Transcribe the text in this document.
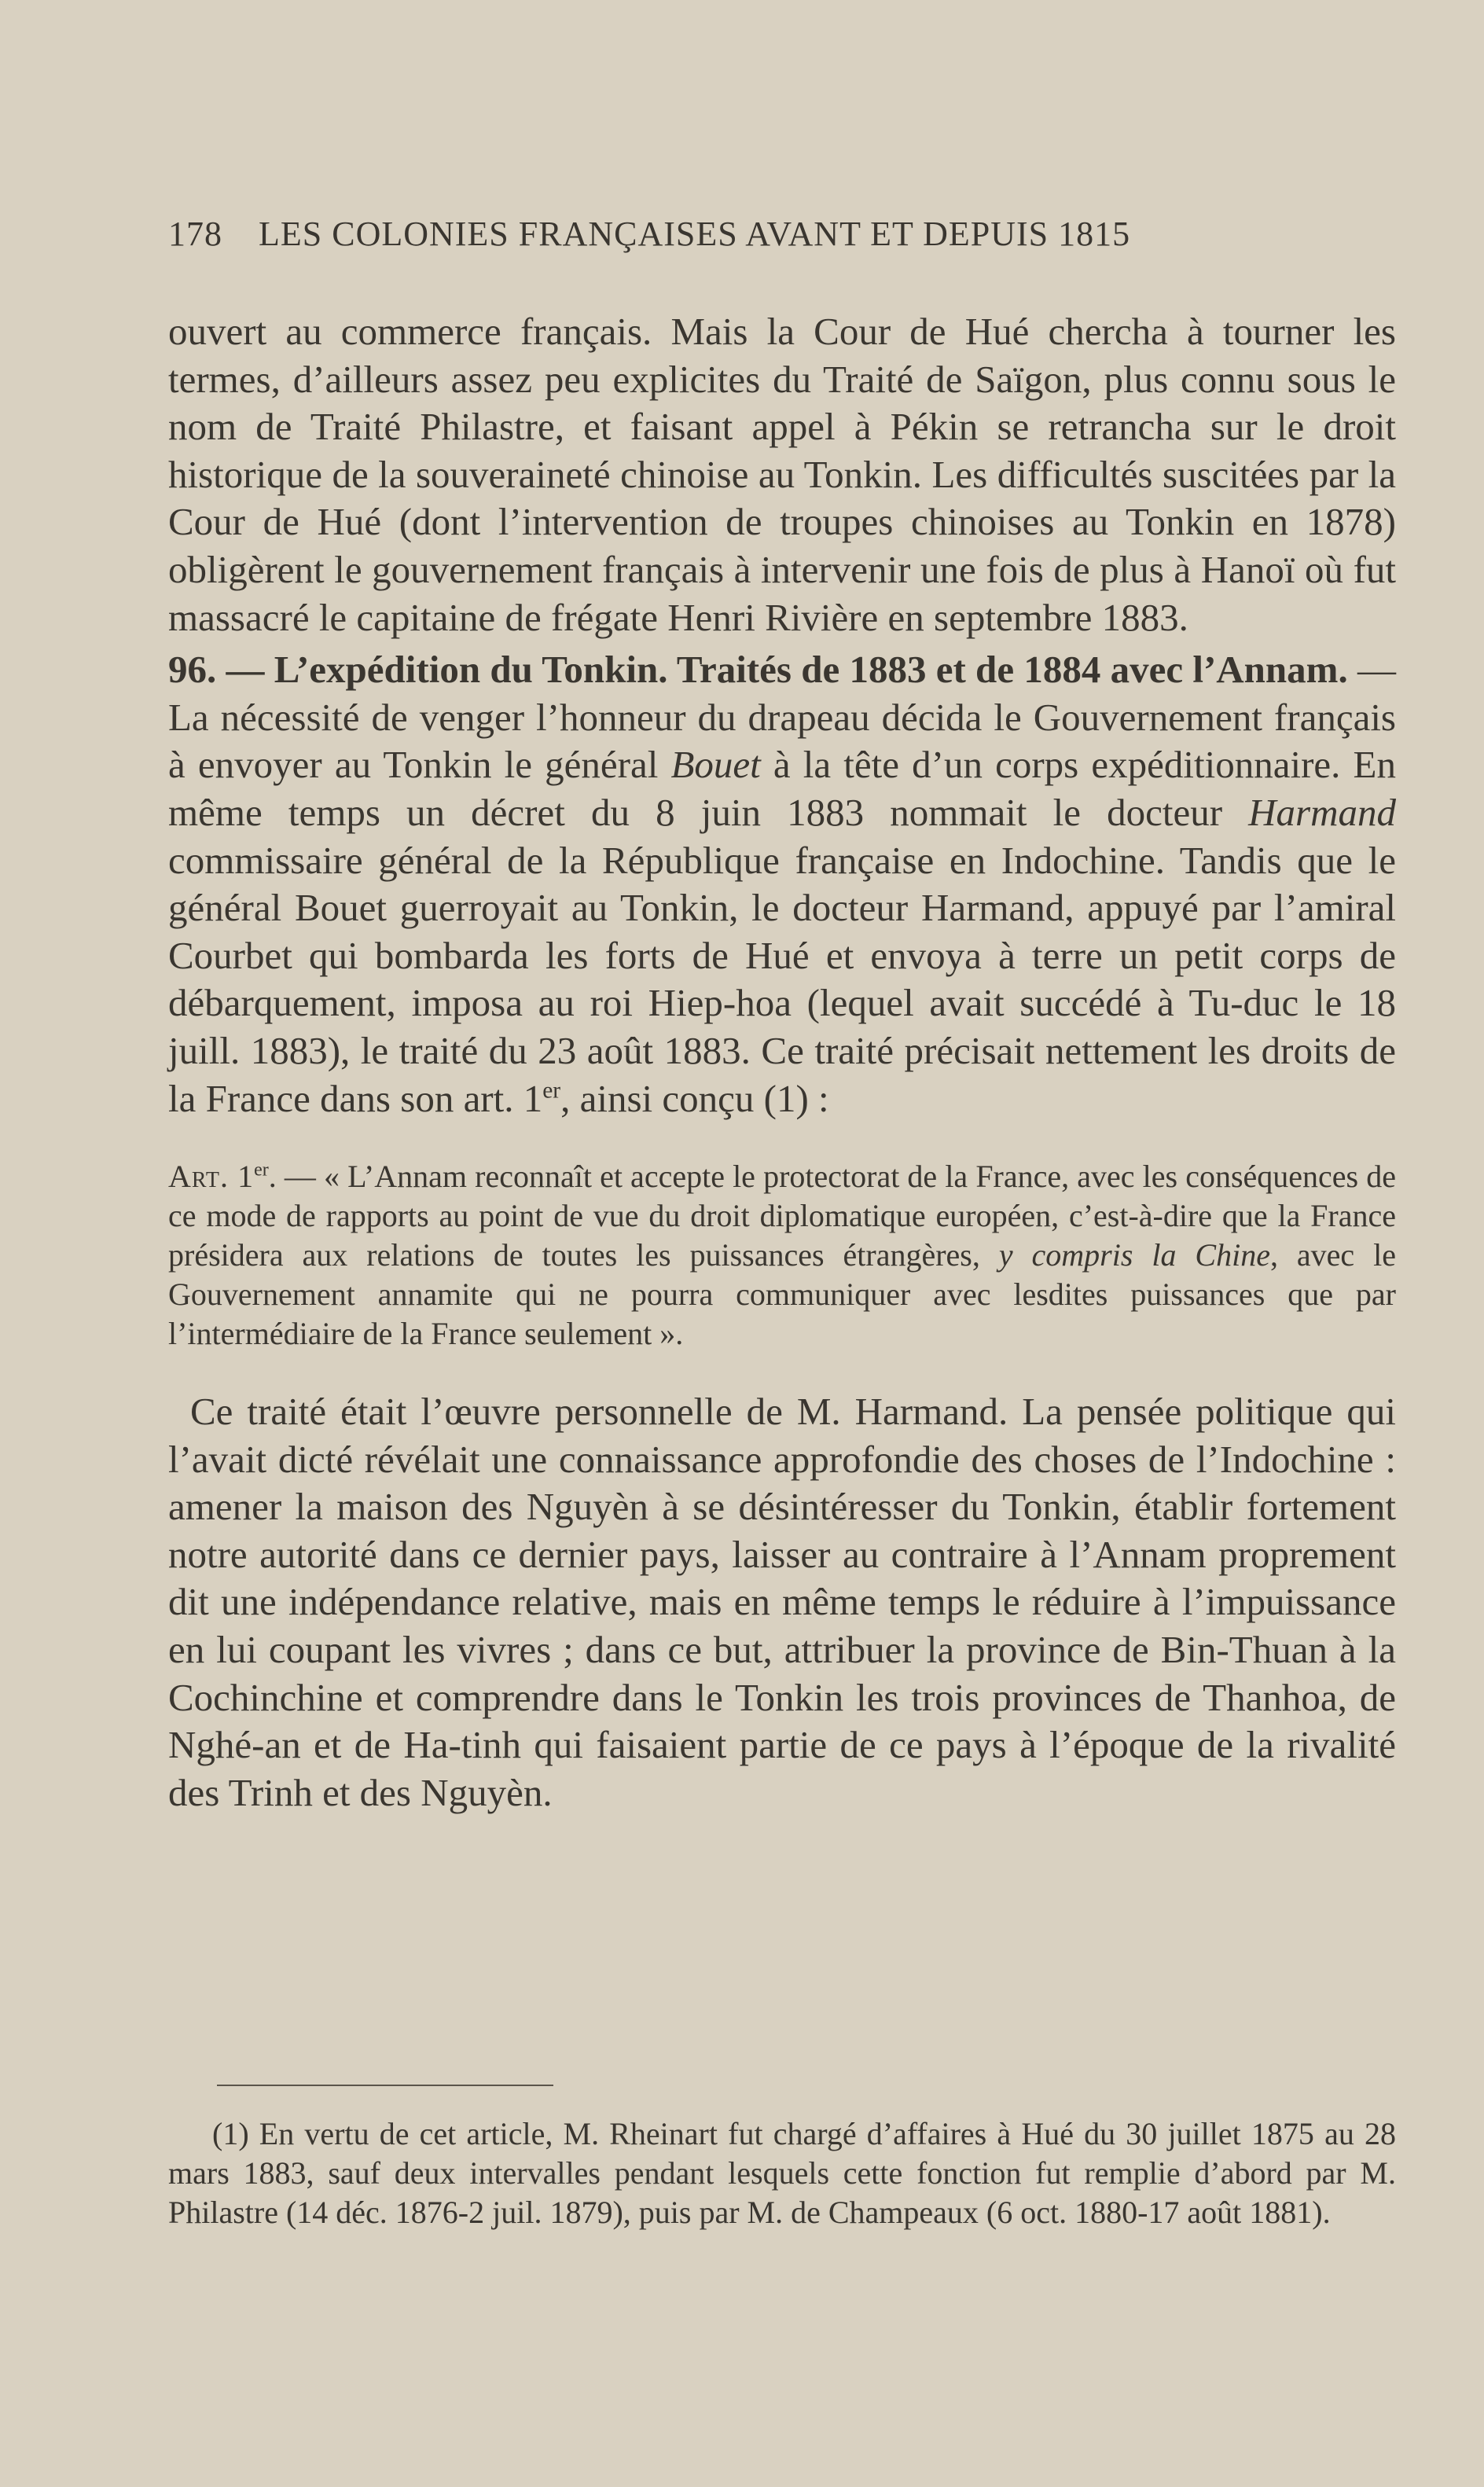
178 LES COLONIES FRANÇAISES AVANT ET DEPUIS 1815

ouvert au commerce français. Mais la Cour de Hué chercha à tourner les termes, d’ailleurs assez peu explicites du Traité de Saïgon, plus connu sous le nom de Traité Philastre, et faisant appel à Pékin se retrancha sur le droit historique de la souveraineté chinoise au Tonkin. Les difficultés suscitées par la Cour de Hué (dont l’intervention de troupes chinoises au Tonkin en 1878) obligèrent le gouvernement français à intervenir une fois de plus à Hanoï où fut massacré le capitaine de frégate Henri Rivière en septembre 1883.

96. — L’expédition du Tonkin. Traités de 1883 et de 1884 avec l’Annam. — La nécessité de venger l’honneur du drapeau décida le Gouvernement français à envoyer au Tonkin le général Bouet à la tête d’un corps expéditionnaire. En même temps un décret du 8 juin 1883 nommait le docteur Harmand commissaire général de la République française en Indochine. Tandis que le général Bouet guerroyait au Tonkin, le docteur Harmand, appuyé par l’amiral Courbet qui bombarda les forts de Hué et envoya à terre un petit corps de débarquement, imposa au roi Hiep-hoa (lequel avait succédé à Tu-duc le 18 juill. 1883), le traité du 23 août 1883. Ce traité précisait nettement les droits de la France dans son art. 1er, ainsi conçu (1) :

Art. 1er. — « L’Annam reconnaît et accepte le protectorat de la France, avec les conséquences de ce mode de rapports au point de vue du droit diplomatique européen, c’est-à-dire que la France présidera aux relations de toutes les puissances étrangères, y compris la Chine, avec le Gouvernement annamite qui ne pourra communiquer avec lesdites puissances que par l’intermédiaire de la France seulement ».

Ce traité était l’œuvre personnelle de M. Harmand. La pensée politique qui l’avait dicté révélait une connaissance approfondie des choses de l’Indochine : amener la maison des Nguyèn à se désintéresser du Tonkin, établir fortement notre autorité dans ce dernier pays, laisser au contraire à l’Annam proprement dit une indépendance relative, mais en même temps le réduire à l’impuissance en lui coupant les vivres ; dans ce but, attribuer la province de Bin-Thuan à la Cochinchine et comprendre dans le Tonkin les trois provinces de Thanhoa, de Nghé-an et de Ha-tinh qui faisaient partie de ce pays à l’époque de la rivalité des Trinh et des Nguyèn.

(1) En vertu de cet article, M. Rheinart fut chargé d’affaires à Hué du 30 juillet 1875 au 28 mars 1883, sauf deux intervalles pendant lesquels cette fonction fut remplie d’abord par M. Philastre (14 déc. 1876-2 juil. 1879), puis par M. de Champeaux (6 oct. 1880-17 août 1881).
